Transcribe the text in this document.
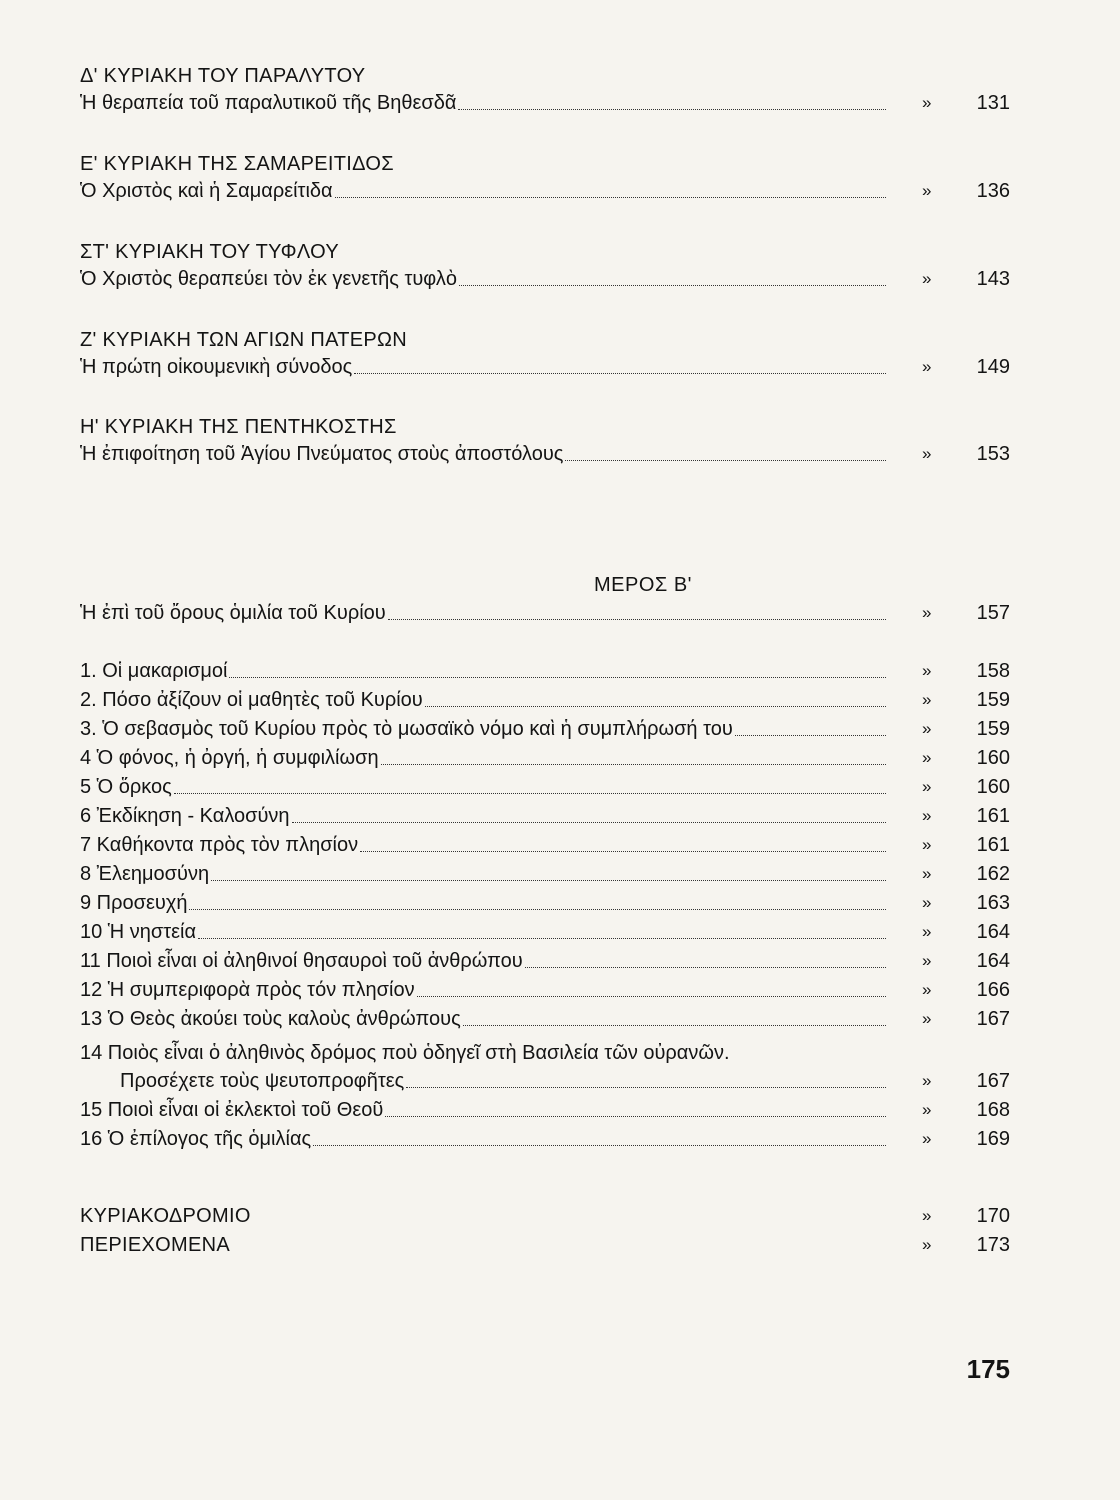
Δ' ΚΥΡΙΑΚΗ ΤΟΥ ΠΑΡΑΛΥΤΟΥ
Ἡ θεραπεία τοῦ παραλυτικοῦ τῆς Βηθεσδᾶ	» 131
Ε' ΚΥΡΙΑΚΗ ΤΗΣ ΣΑΜΑΡΕΙΤΙΔΟΣ
Ὁ Χριστὸς καὶ ἡ Σαμαρείτιδα	» 136
ΣΤ' ΚΥΡΙΑΚΗ ΤΟΥ ΤΥΦΛΟΥ
Ὁ Χριστὸς θεραπεύει τὸν ἐκ γενετῆς τυφλὸ	» 143
Ζ' ΚΥΡΙΑΚΗ ΤΩΝ ΑΓΙΩΝ ΠΑΤΕΡΩΝ
Ἡ πρώτη οἰκουμενικὴ σύνοδος	» 149
Η' ΚΥΡΙΑΚΗ ΤΗΣ ΠΕΝΤΗΚΟΣΤΗΣ
Ἡ ἐπιφοίτηση τοῦ Ἁγίου Πνεύματος στοὺς ἀποστόλους	» 153
ΜΕΡΟΣ Β'
Ἡ ἐπὶ τοῦ ὄρους ὁμιλία τοῦ Κυρίου	» 157
1. Οἱ μακαρισμοί	» 158
2. Πόσο ἀξίζουν οἱ μαθητὲς τοῦ Κυρίου	» 159
3. Ὁ σεβασμὸς τοῦ Κυρίου πρὸς τὸ μωσαϊκὸ νόμο καὶ ἡ συμπλήρωσή του	» 159
4 Ὁ φόνος, ἡ ὀργή, ἡ συμφιλίωση	» 160
5 Ὁ ὅρκος	» 160
6 Ἐκδίκηση - Καλοσύνη	» 161
7 Καθήκοντα πρὸς τὸν πλησίον	» 161
8 Ἐλεημοσύνη	» 162
9 Προσευχή	» 163
10 Ἡ νηστεία	» 164
11 Ποιοὶ εἶναι οἱ ἀληθινοί θησαυροὶ τοῦ ἀνθρώπου	» 164
12 Ἡ συμπεριφορὰ πρὸς τόν πλησίον	» 166
13 Ὁ Θεὸς ἀκούει τοὺς καλοὺς ἀνθρώπους	» 167
14 Ποιὸς εἶναι ὁ ἀληθινὸς δρόμος ποὺ ὁδηγεῖ στὴ Βασιλεία τῶν οὐρανῶν.
Προσέχετε τοὺς ψευτοπροφῆτες	» 167
15 Ποιοὶ εἶναι οἱ ἐκλεκτοὶ τοῦ Θεοῦ	» 168
16 Ὁ ἐπίλογος τῆς ὁμιλίας	» 169
ΚΥΡΙΑΚΟΔΡΟΜΙΟ	» 170
ΠΕΡΙΕΧΟΜΕΝΑ	» 173
175
